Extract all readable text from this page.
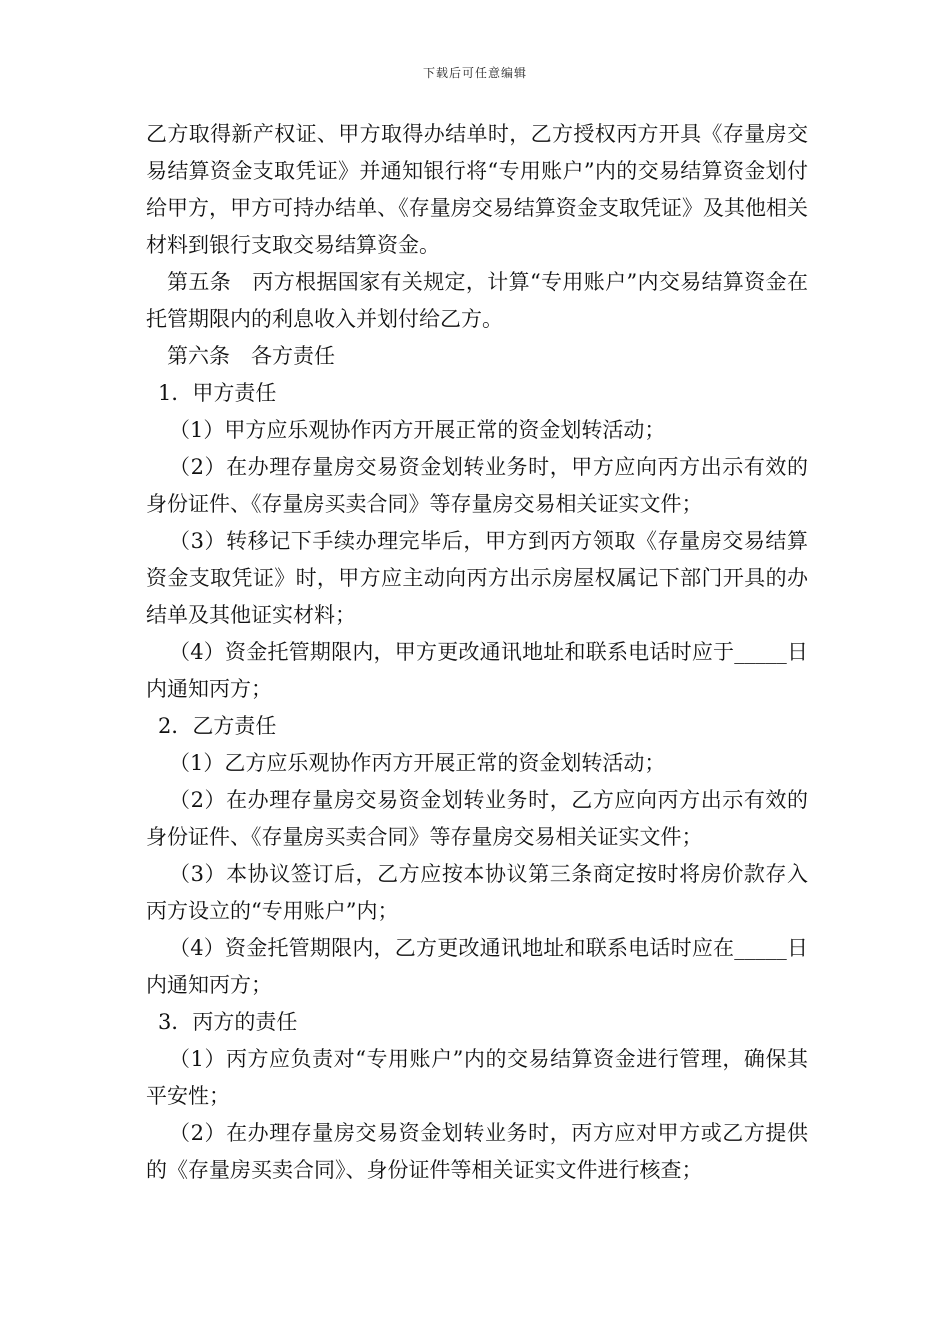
下载后可任意编辑

乙方取得新产权证、甲方取得办结单时，乙方授权丙方开具《存量房交易结算资金支取凭证》并通知银行将“专用账户”内的交易结算资金划付给甲方，甲方可持办结单、《存量房交易结算资金支取凭证》及其他相关材料到银行支取交易结算资金。

第五条　丙方根据国家有关规定，计算“专用账户”内交易结算资金在托管期限内的利息收入并划付给乙方。

第六条　各方责任

1．甲方责任

（1）甲方应乐观协作丙方开展正常的资金划转活动；

（2）在办理存量房交易资金划转业务时，甲方应向丙方出示有效的身份证件、《存量房买卖合同》等存量房交易相关证实文件；

（3）转移记下手续办理完毕后，甲方到丙方领取《存量房交易结算资金支取凭证》时，甲方应主动向丙方出示房屋权属记下部门开具的办结单及其他证实材料；

（4）资金托管期限内，甲方更改通讯地址和联系电话时应于_____日内通知丙方；

2．乙方责任

（1）乙方应乐观协作丙方开展正常的资金划转活动；

（2）在办理存量房交易资金划转业务时，乙方应向丙方出示有效的身份证件、《存量房买卖合同》等存量房交易相关证实文件；

（3）本协议签订后，乙方应按本协议第三条商定按时将房价款存入丙方设立的“专用账户”内；

（4）资金托管期限内，乙方更改通讯地址和联系电话时应在_____日内通知丙方；

3．丙方的责任

（1）丙方应负责对“专用账户”内的交易结算资金进行管理，确保其平安性；

（2）在办理存量房交易资金划转业务时，丙方应对甲方或乙方提供的《存量房买卖合同》、身份证件等相关证实文件进行核查；
